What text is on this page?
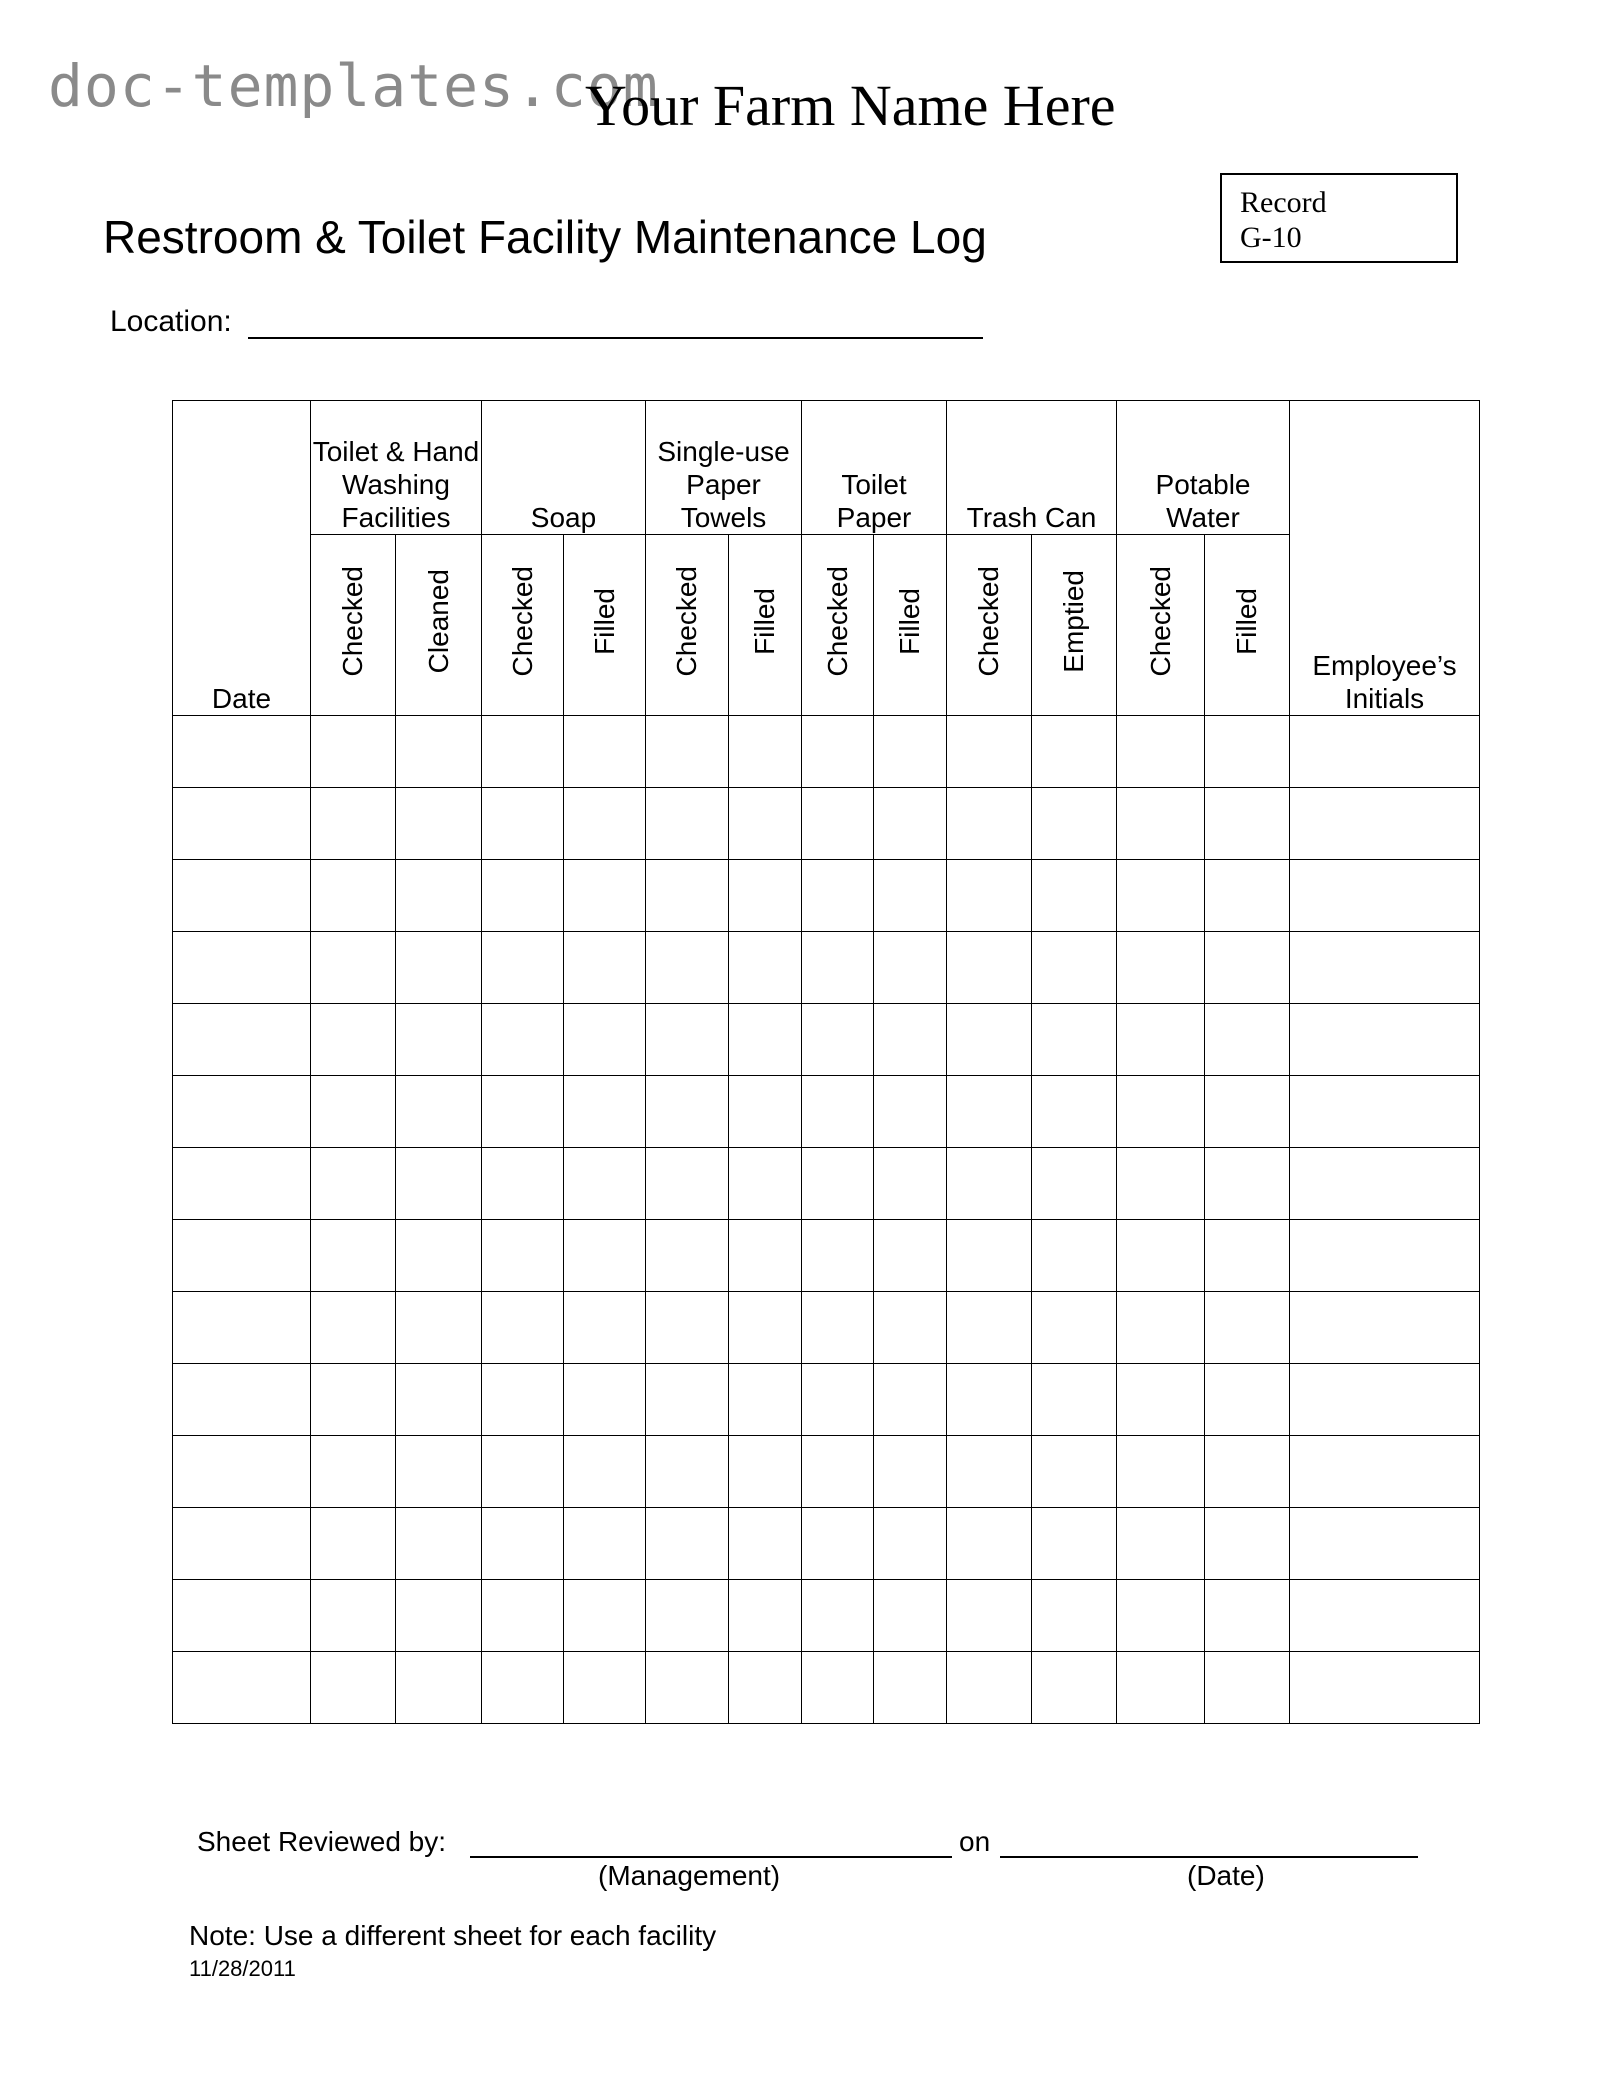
doc-templates.com
Your Farm Name Here
Record
G-10
Restroom & Toilet Facility Maintenance Log
Location:
Date	Toilet & Hand Washing Facilities		Soap		Single-use Paper Towels		Toilet Paper		Trash Can		Potable Water		Employee’s Initials
	Checked	Cleaned	Checked	Filled	Checked	Filled	Checked	Filled	Checked	Emptied	Checked	Filled	

Sheet Reviewed by:	on
(Management)	(Date)
Note: Use a different sheet for each facility
11/28/2011
